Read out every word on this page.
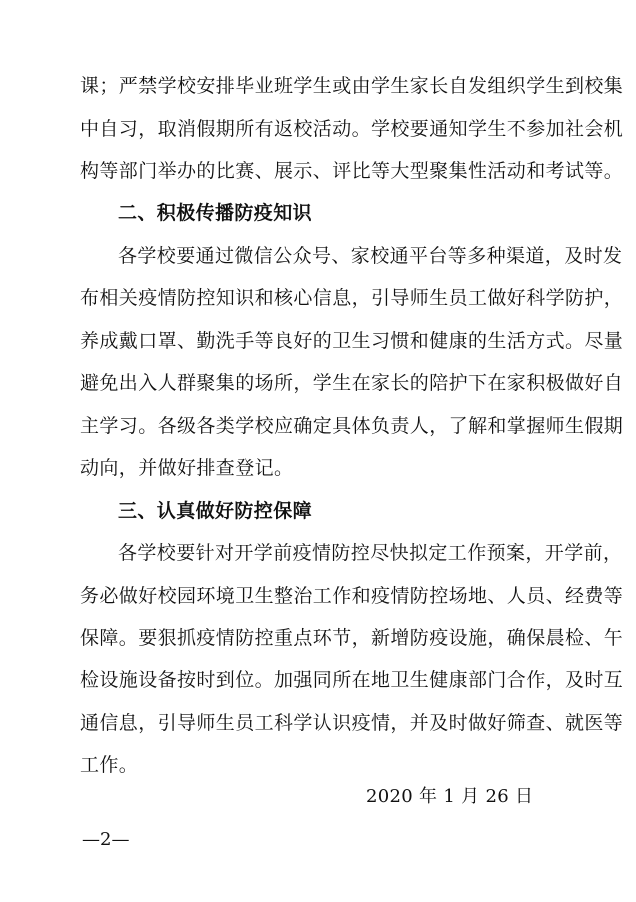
课；严禁学校安排毕业班学生或由学生家长自发组织学生到校集
中自习，取消假期所有返校活动。学校要通知学生不参加社会机
构等部门举办的比赛、展示、评比等大型聚集性活动和考试等。
二、积极传播防疫知识
各学校要通过微信公众号、家校通平台等多种渠道，及时发
布相关疫情防控知识和核心信息，引导师生员工做好科学防护，
养成戴口罩、勤洗手等良好的卫生习惯和健康的生活方式。尽量
避免出入人群聚集的场所，学生在家长的陪护下在家积极做好自
主学习。各级各类学校应确定具体负责人，了解和掌握师生假期
动向，并做好排查登记。
三、认真做好防控保障
各学校要针对开学前疫情防控尽快拟定工作预案，开学前，
务必做好校园环境卫生整治工作和疫情防控场地、人员、经费等
保障。要狠抓疫情防控重点环节，新增防疫设施，确保晨检、午
检设施设备按时到位。加强同所在地卫生健康部门合作，及时互
通信息，引导师生员工科学认识疫情，并及时做好筛查、就医等
工作。
2020 年 1 月 26 日
—2—
